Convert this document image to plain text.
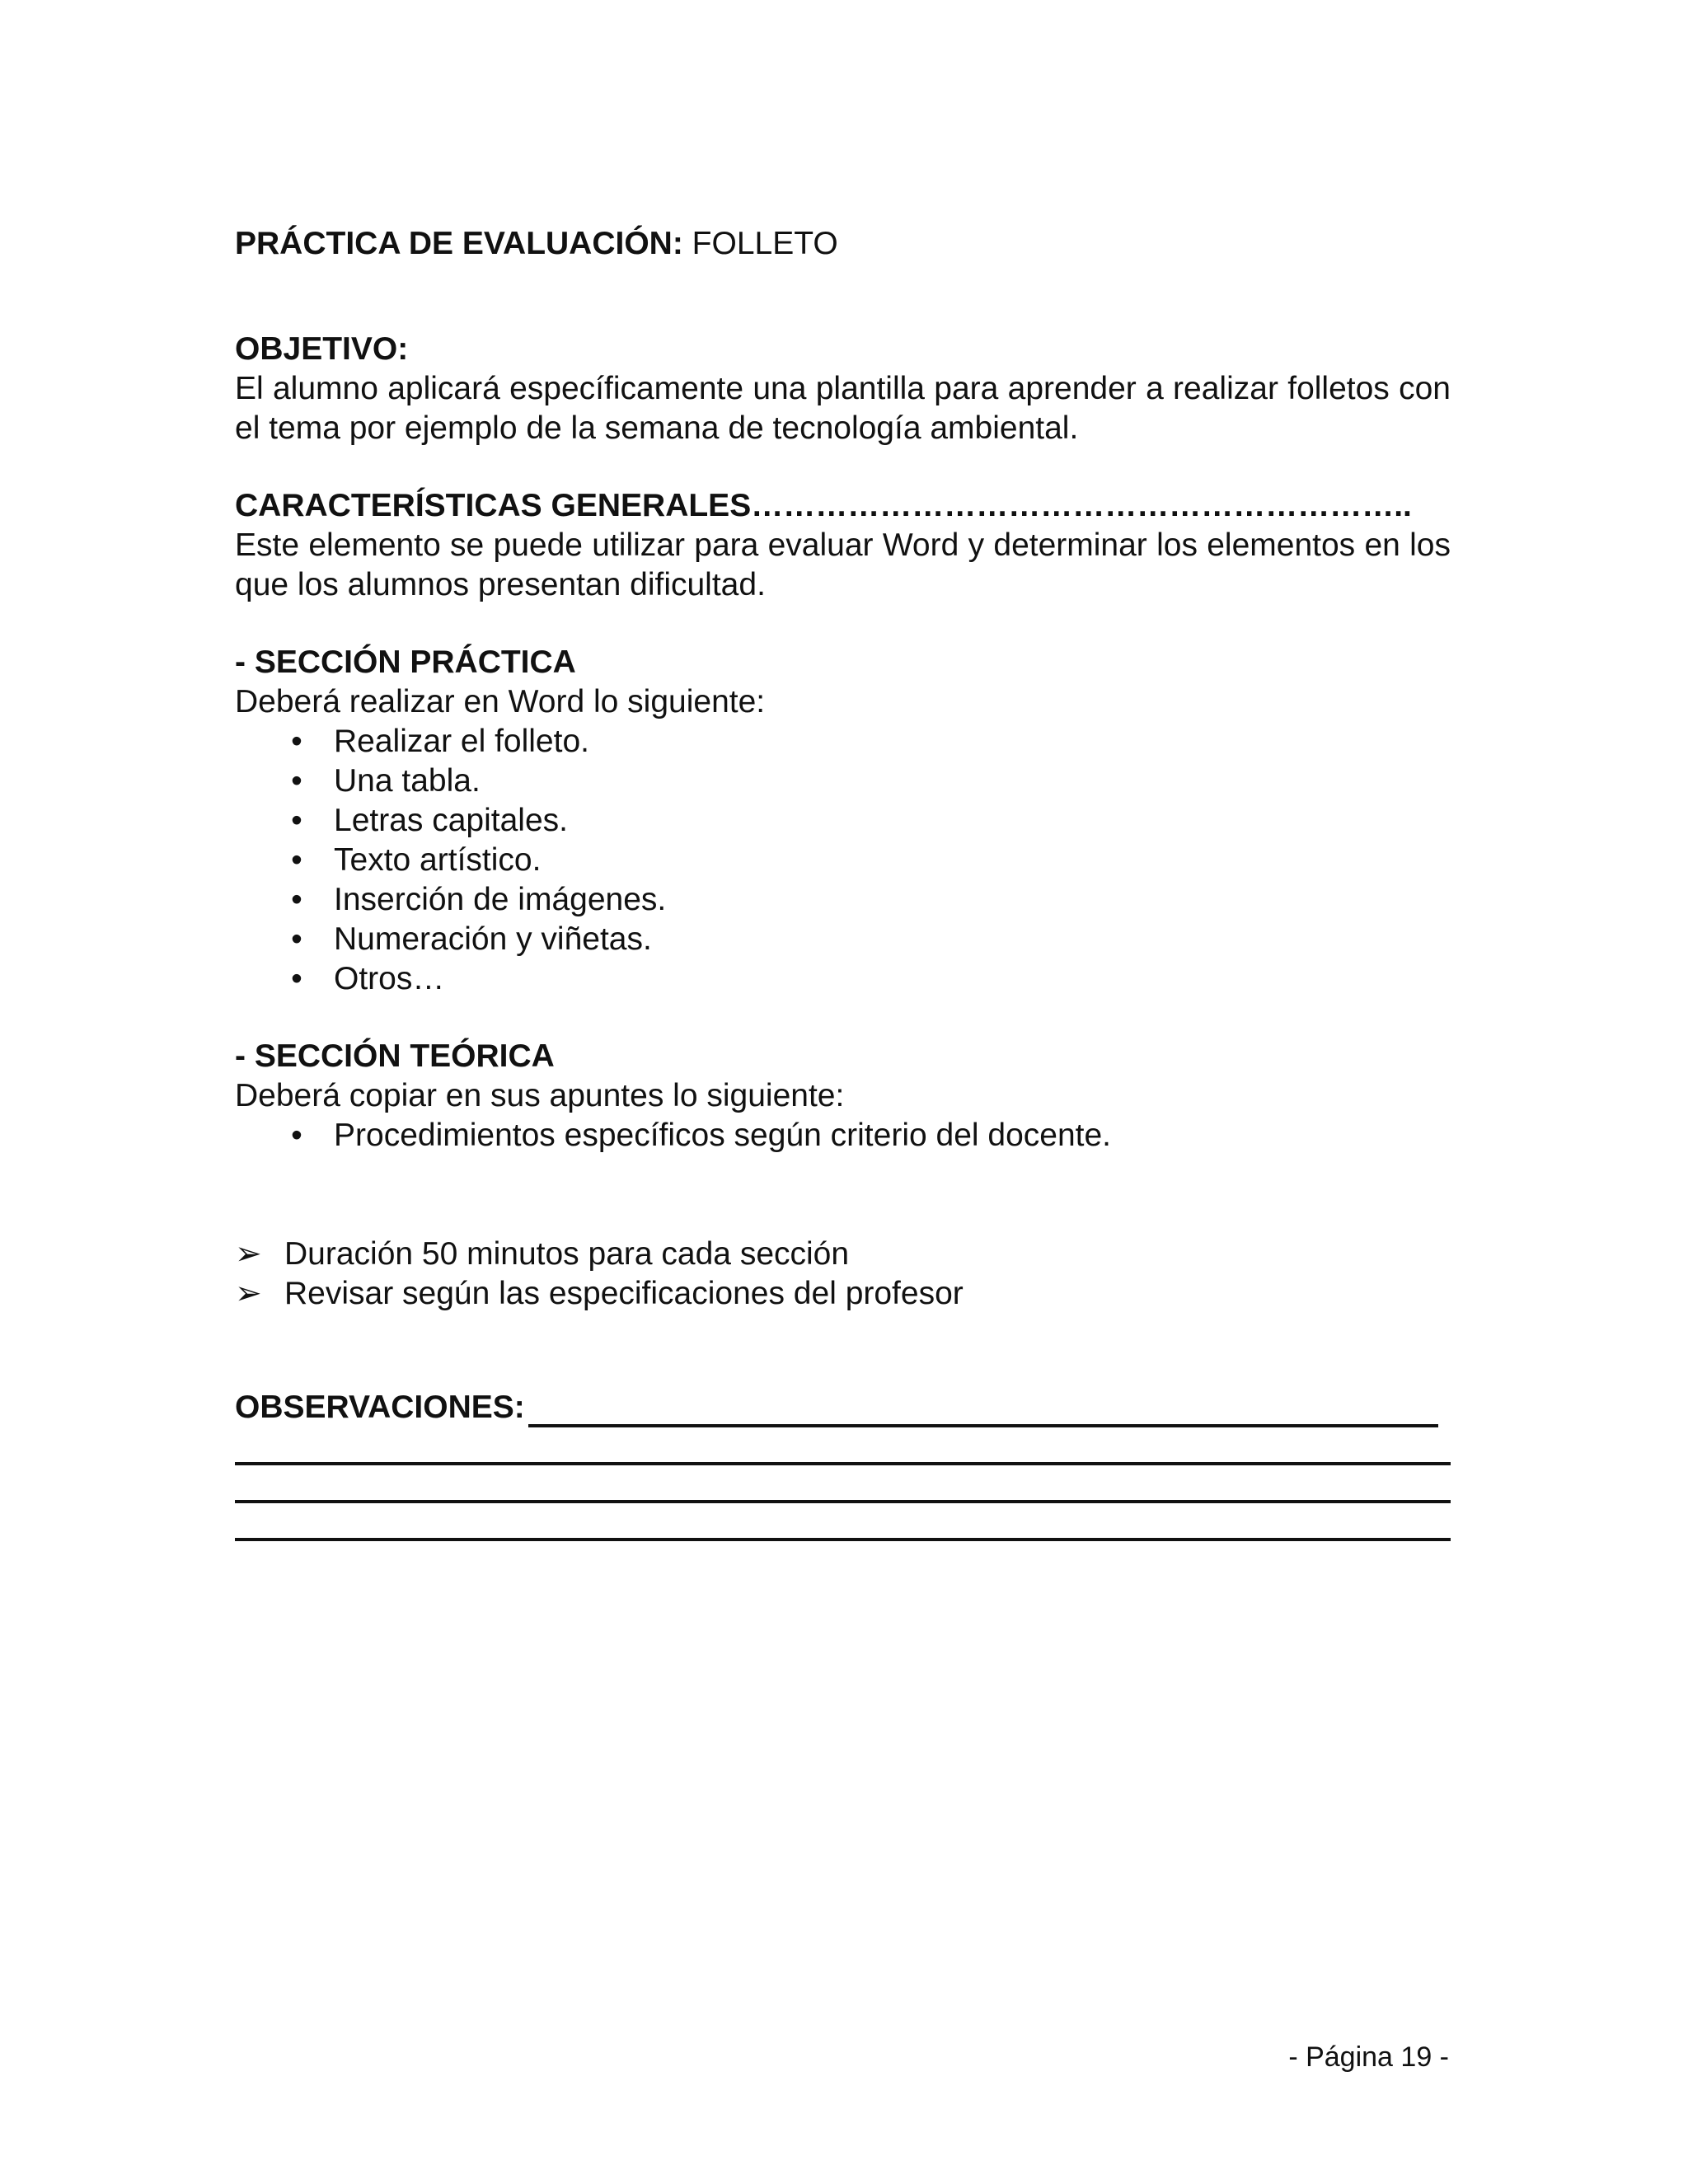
PRÁCTICA DE EVALUACIÓN: FOLLETO

OBJETIVO:

El alumno aplicará específicamente una plantilla para aprender a realizar folletos con el tema por ejemplo de la semana de tecnología ambiental.

CARACTERÍSTICAS GENERALES……………………………………………………..

Este elemento se puede utilizar para evaluar Word y determinar los elementos en los que los alumnos presentan dificultad.

- SECCIÓN PRÁCTICA

Deberá realizar en Word lo siguiente:

• Realizar el folleto.
• Una tabla.
• Letras capitales.
• Texto artístico.
• Inserción de imágenes.
• Numeración y viñetas.
• Otros…

- SECCIÓN TEÓRICA

Deberá copiar en sus apuntes lo siguiente:

• Procedimientos específicos según criterio del docente.
➢ Duración 50 minutos para cada sección
➢ Revisar según las especificaciones del profesor
OBSERVACIONES:
- Página 19 -
